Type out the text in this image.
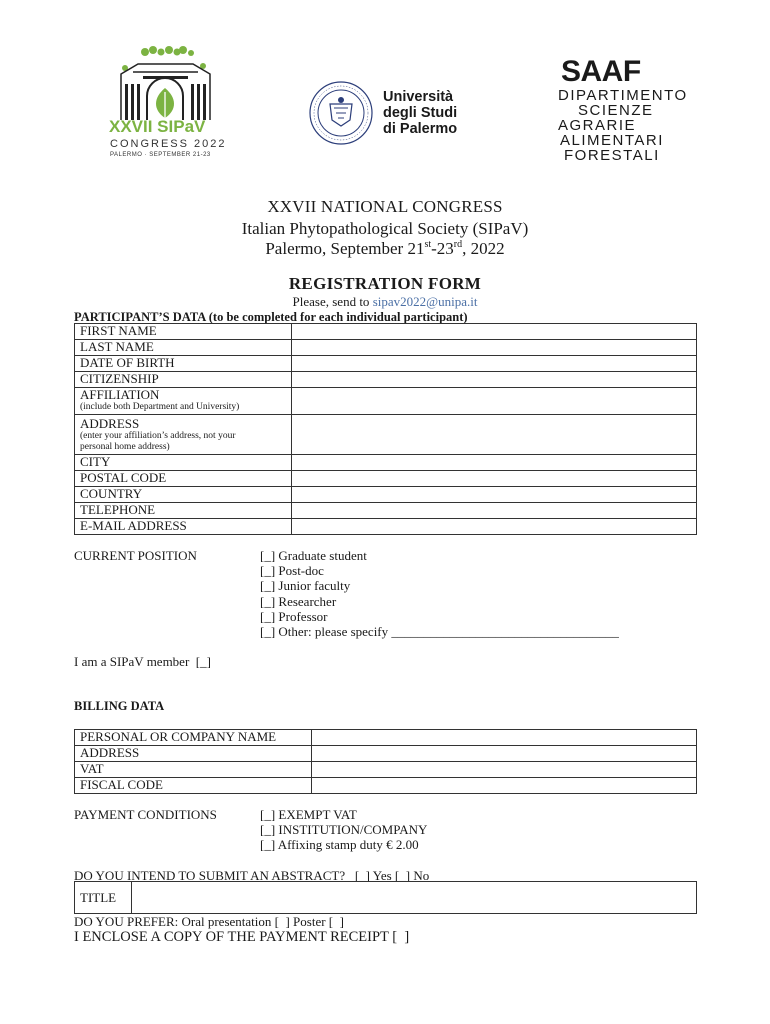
XXVII SIPaV
CONGRESS 2022
PALERMO · SEPTEMBER 21-23
Università
degli Studi
di Palermo
SAAF
DIPARTIMENTO
SCIENZE
AGRARIE
ALIMENTARI
FORESTALI
XXVII NATIONAL CONGRESS
Italian Phytopathological Society (SIPaV)
Palermo, September 21st-23rd, 2022
REGISTRATION FORM
Please, send to sipav2022@unipa.it
PARTICIPANT’S DATA (to be completed for each individual participant)
FIRST NAME	
LAST NAME	
DATE OF BIRTH	
CITIZENSHIP	
AFFILIATION
(include both Department and University)	

ADDRESS
(enter your affiliation’s address, not your personal home address)	

CITY	
POSTAL CODE	
COUNTRY	
TELEPHONE	
E-MAIL ADDRESS	
CURRENT POSITION	[_] Graduate student
[_] Post-doc
[_] Junior faculty
[_] Researcher
[_] Professor
[_] Other: please specify ___________________________________
I am a SIPaV member  [_]
BILLING DATA
PERSONAL OR COMPANY NAME	
ADDRESS	
VAT	
FISCAL CODE	
PAYMENT CONDITIONS	[_] EXEMPT VAT
[_] INSTITUTION/COMPANY
[_] Affixing stamp duty € 2.00
DO YOU INTEND TO SUBMIT AN ABSTRACT?   [_] Yes [_] No
TITLE	
DO YOU PREFER: Oral presentation [  ] Poster [  ]
I ENCLOSE A COPY OF THE PAYMENT RECEIPT [  ]
